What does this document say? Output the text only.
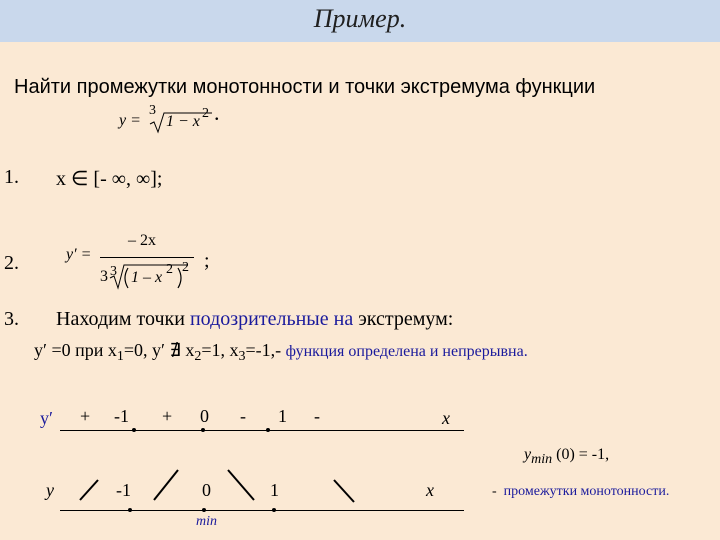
Пример.
Найти промежутки монотонности и точки экстремума функции
y =
3
1 − x 2 .
1. x ∈ [- ∞, ∞];
2.	y′ =
– 2x
3 3 1 – x 2 2 ;
3. Находим точки подозрительные на экстремум:
y′ =0 при $x_1=0$, y′ ∄ $x_2=1$, $x_3=-1,-$ функция определена и непрерывна.
y′ + -1 + 0 - 1 -	x
ymin (0) = -1,
y	-1	0	1	x
min
- промежутки монотонности.
